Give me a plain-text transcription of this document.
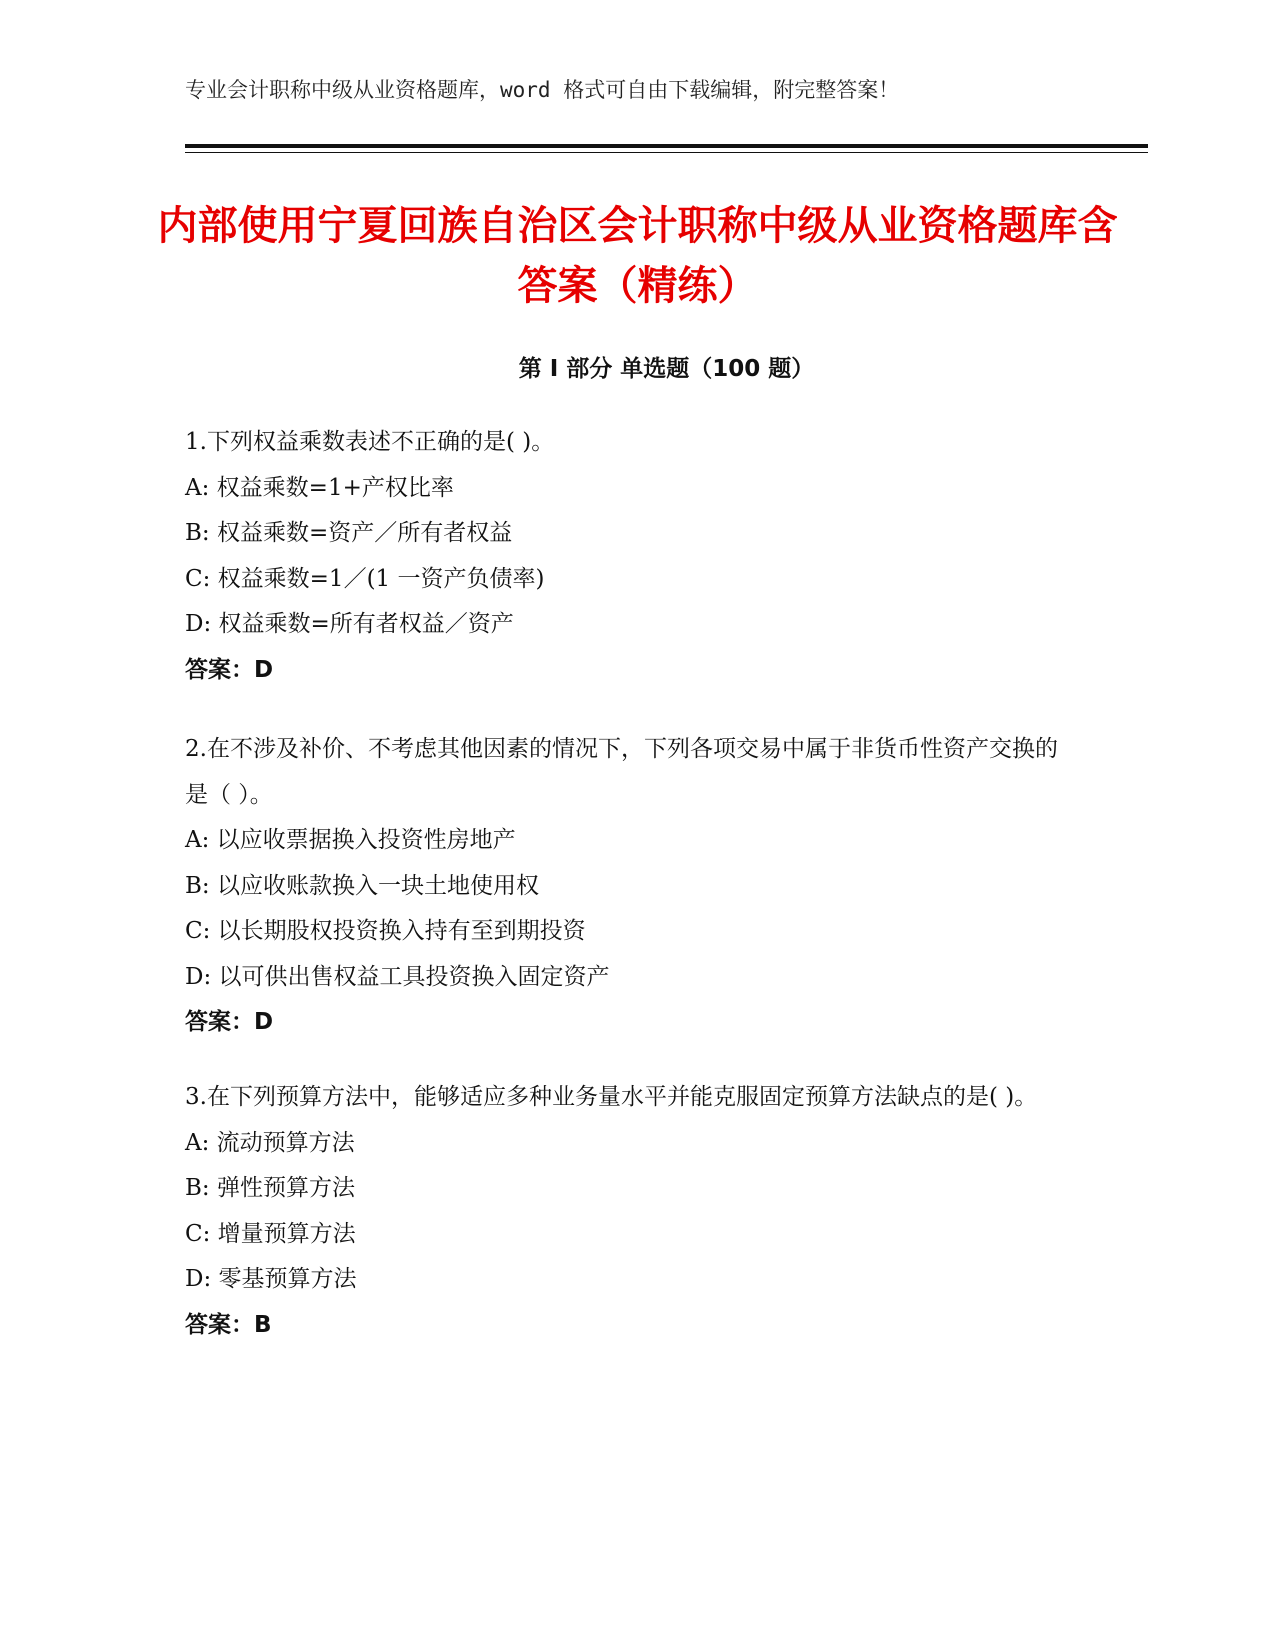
专业会计职称中级从业资格题库，word 格式可自由下载编辑，附完整答案！
内部使用宁夏回族自治区会计职称中级从业资格题库含答案（精练）
第 I 部分 单选题（100 题）

1.下列权益乘数表述不正确的是( )。

A: 权益乘数=1+产权比率

B: 权益乘数=资产／所有者权益

C: 权益乘数=1／(1 一资产负债率)

D: 权益乘数=所有者权益／资产

答案：D

2.在不涉及补价、不考虑其他因素的情况下，下列各项交易中属于非货币性资产交换的是（ ）。

A: 以应收票据换入投资性房地产

B: 以应收账款换入一块土地使用权

C: 以长期股权投资换入持有至到期投资

D: 以可供出售权益工具投资换入固定资产

答案：D

3.在下列预算方法中，能够适应多种业务量水平并能克服固定预算方法缺点的是( )。

A: 流动预算方法

B: 弹性预算方法

C: 增量预算方法

D: 零基预算方法

答案：B
